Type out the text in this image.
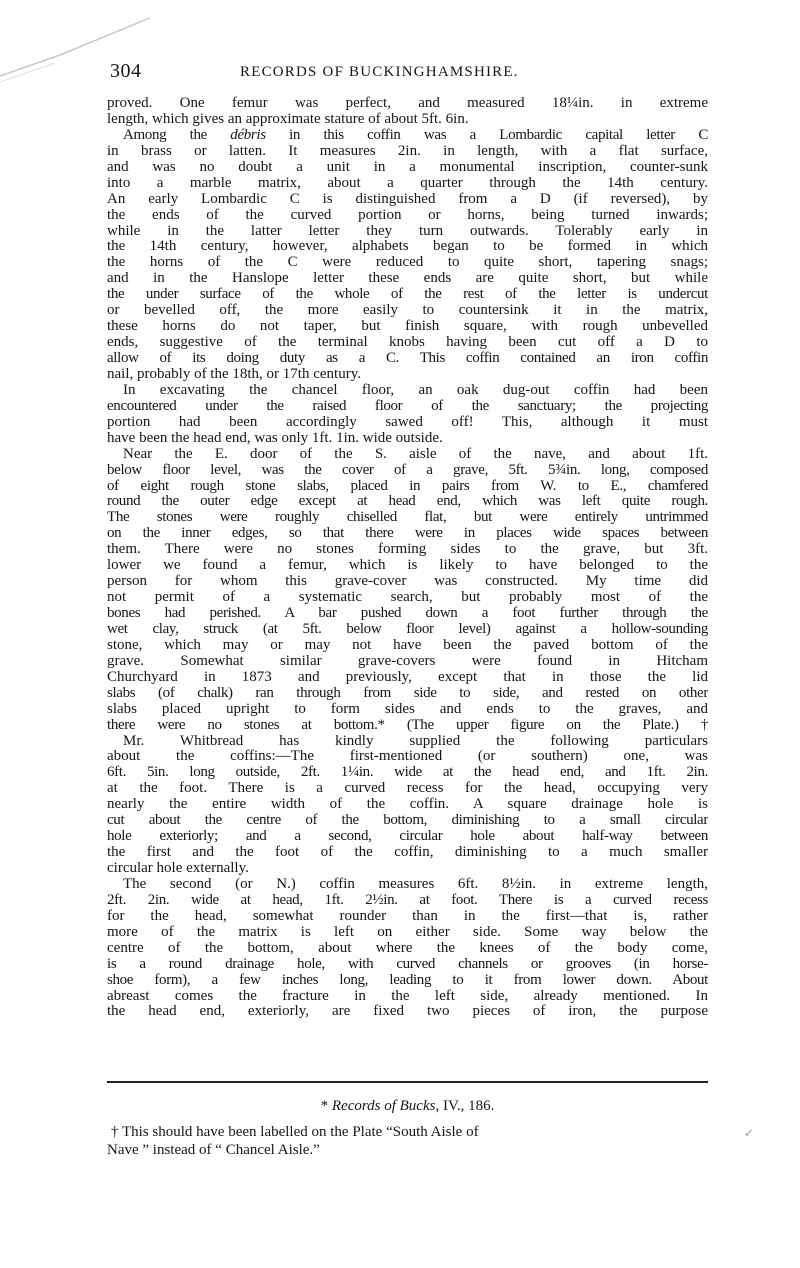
304	RECORDS OF BUCKINGHAMSHIRE.
proved. One femur was perfect, and measured 18¼in. in extreme
length, which gives an approximate stature of about 5ft. 6in.
Among the débris in this coffin was a Lombardic capital letter C
in brass or latten. It measures 2in. in length, with a flat surface,
and was no doubt a unit in a monumental inscription, counter-sunk
into a marble matrix, about a quarter through the 14th century.
An early Lombardic C is distinguished from a D (if reversed), by
the ends of the curved portion or horns, being turned inwards;
while in the latter letter they turn outwards. Tolerably early in
the 14th century, however, alphabets began to be formed in which
the horns of the C were reduced to quite short, tapering snags;
and in the Hanslope letter these ends are quite short, but while
the under surface of the whole of the rest of the letter is undercut
or bevelled off, the more easily to countersink it in the matrix,
these horns do not taper, but finish square, with rough unbevelled
ends, suggestive of the terminal knobs having been cut off a D to
allow of its doing duty as a C. This coffin contained an iron coffin
nail, probably of the 18th, or 17th century.
In excavating the chancel floor, an oak dug-out coffin had been
encountered under the raised floor of the sanctuary; the projecting
portion had been accordingly sawed off! This, although it must
have been the head end, was only 1ft. 1in. wide outside.
Near the E. door of the S. aisle of the nave, and about 1ft.
below floor level, was the cover of a grave, 5ft. 5¾in. long, composed
of eight rough stone slabs, placed in pairs from W. to E., chamfered
round the outer edge except at head end, which was left quite rough.
The stones were roughly chiselled flat, but were entirely untrimmed
on the inner edges, so that there were in places wide spaces between
them. There were no stones forming sides to the grave, but 3ft.
lower we found a femur, which is likely to have belonged to the
person for whom this grave-cover was constructed. My time did
not permit of a systematic search, but probably most of the
bones had perished. A bar pushed down a foot further through the
wet clay, struck (at 5ft. below floor level) against a hollow-sounding
stone, which may or may not have been the paved bottom of the
grave. Somewhat similar grave-covers were found in Hitcham
Churchyard in 1873 and previously, except that in those the lid
slabs (of chalk) ran through from side to side, and rested on other
slabs placed upright to form sides and ends to the graves, and
there were no stones at bottom.* (The upper figure on the Plate.) †
Mr. Whitbread has kindly supplied the following particulars
about the coffins:—The first-mentioned (or southern) one, was
6ft. 5in. long outside, 2ft. 1¼in. wide at the head end, and 1ft. 2in.
at the foot. There is a curved recess for the head, occupying very
nearly the entire width of the coffin. A square drainage hole is
cut about the centre of the bottom, diminishing to a small circular
hole exteriorly; and a second, circular hole about half-way between
the first and the foot of the coffin, diminishing to a much smaller
circular hole externally.
The second (or N.) coffin measures 6ft. 8½in. in extreme length,
2ft. 2in. wide at head, 1ft. 2½in. at foot. There is a curved recess
for the head, somewhat rounder than in the first—that is, rather
more of the matrix is left on either side. Some way below the
centre of the bottom, about where the knees of the body come,
is a round drainage hole, with curved channels or grooves (in horse-
shoe form), a few inches long, leading to it from lower down. About
abreast comes the fracture in the left side, already mentioned. In
the head end, exteriorly, are fixed two pieces of iron, the purpose
* Records of Bucks, IV., 186.
† This should have been labelled on the Plate “South Aisle of
Nave ” instead of “ Chancel Aisle.”
✓
